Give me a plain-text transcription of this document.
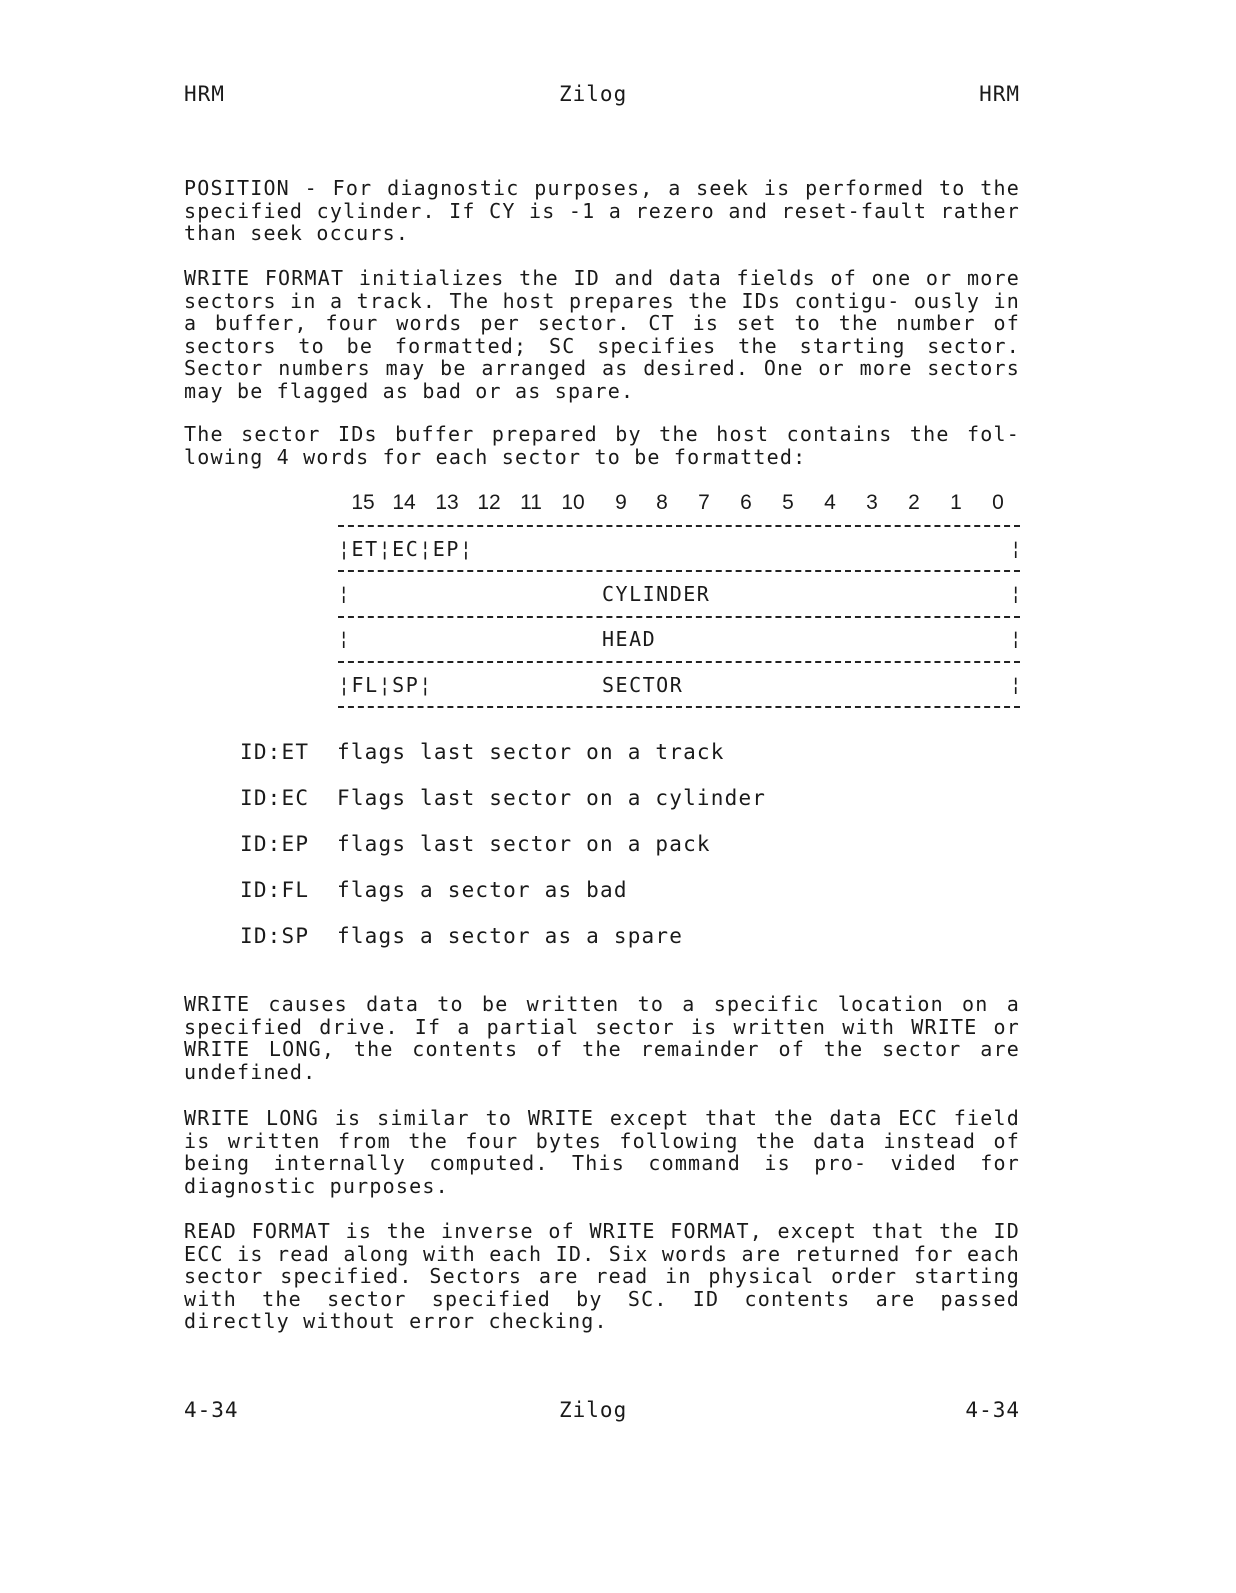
HRM	Zilog	HRM

POSITION - For diagnostic purposes, a seek is performed to the specified cylinder. If CY is -1 a rezero and reset-fault rather than seek occurs.

WRITE FORMAT initializes the ID and data fields of one or more sectors in a track. The host prepares the IDs contigu- ously in a buffer, four words per sector. CT is set to the number of sectors to be formatted; SC specifies the starting sector. Sector numbers may be arranged as desired. One or more sectors may be flagged as bad or as spare.

The sector IDs buffer prepared by the host contains the fol- lowing 4 words for each sector to be formatted:

15 14 13 12 11 10 9 8 7 6 5 4 3 2 1 0
¦ET¦EC¦EP¦	¦
¦	CYLINDER	¦
¦	HEAD	¦
¦FL¦SP¦	SECTOR	¦
ID:ET flags last sector on a track
ID:EC Flags last sector on a cylinder
ID:EP flags last sector on a pack
ID:FL flags a sector as bad
ID:SP flags a sector as a spare

WRITE causes data to be written to a specific location on a specified drive. If a partial sector is written with WRITE or WRITE LONG, the contents of the remainder of the sector are undefined.

WRITE LONG is similar to WRITE except that the data ECC field is written from the four bytes following the data instead of being internally computed. This command is pro- vided for diagnostic purposes.

READ FORMAT is the inverse of WRITE FORMAT, except that the ID ECC is read along with each ID. Six words are returned for each sector specified. Sectors are read in physical order starting with the sector specified by SC. ID contents are passed directly without error checking.

4-34	Zilog	4-34
